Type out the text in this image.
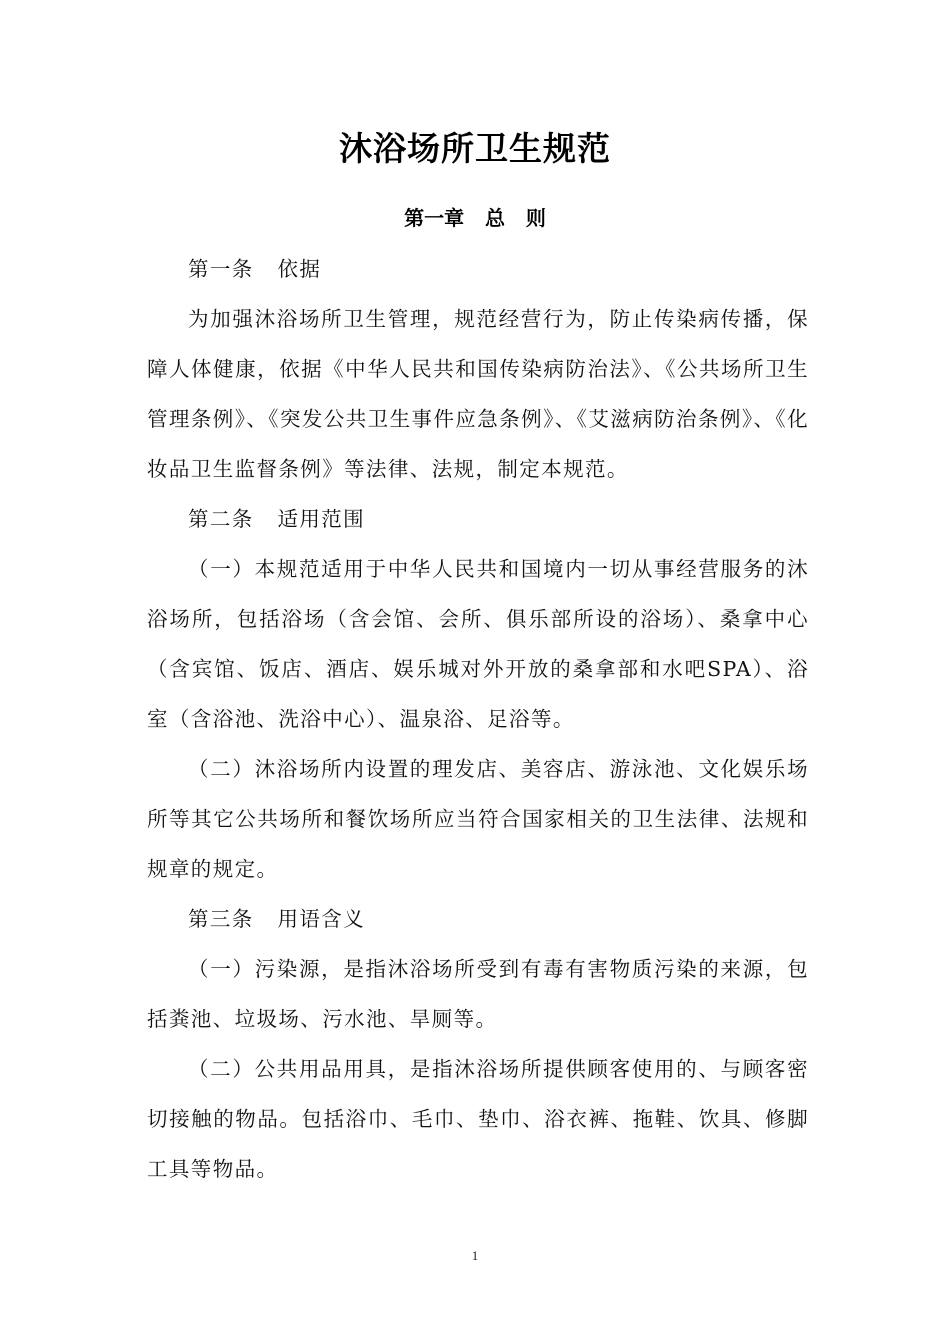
沐浴场所卫生规范
第一章   总   则

第一条   依据

为加强沐浴场所卫生管理，规范经营行为，防止传染病传播，保障人体健康，依据《中华人民共和国传染病防治法》、《公共场所卫生管理条例》、《突发公共卫生事件应急条例》、《艾滋病防治条例》、《化妆品卫生监督条例》等法律、法规，制定本规范。

第二条   适用范围

（一）本规范适用于中华人民共和国境内一切从事经营服务的沐浴场所，包括浴场（含会馆、会所、俱乐部所设的浴场）、桑拿中心（含宾馆、饭店、酒店、娱乐城对外开放的桑拿部和水吧SPA）、浴室（含浴池、洗浴中心）、温泉浴、足浴等。

（二）沐浴场所内设置的理发店、美容店、游泳池、文化娱乐场所等其它公共场所和餐饮场所应当符合国家相关的卫生法律、法规和规章的规定。

第三条   用语含义

（一）污染源，是指沐浴场所受到有毒有害物质污染的来源，包括粪池、垃圾场、污水池、旱厕等。

（二）公共用品用具，是指沐浴场所提供顾客使用的、与顾客密切接触的物品。包括浴巾、毛巾、垫巾、浴衣裤、拖鞋、饮具、修脚工具等物品。

1
